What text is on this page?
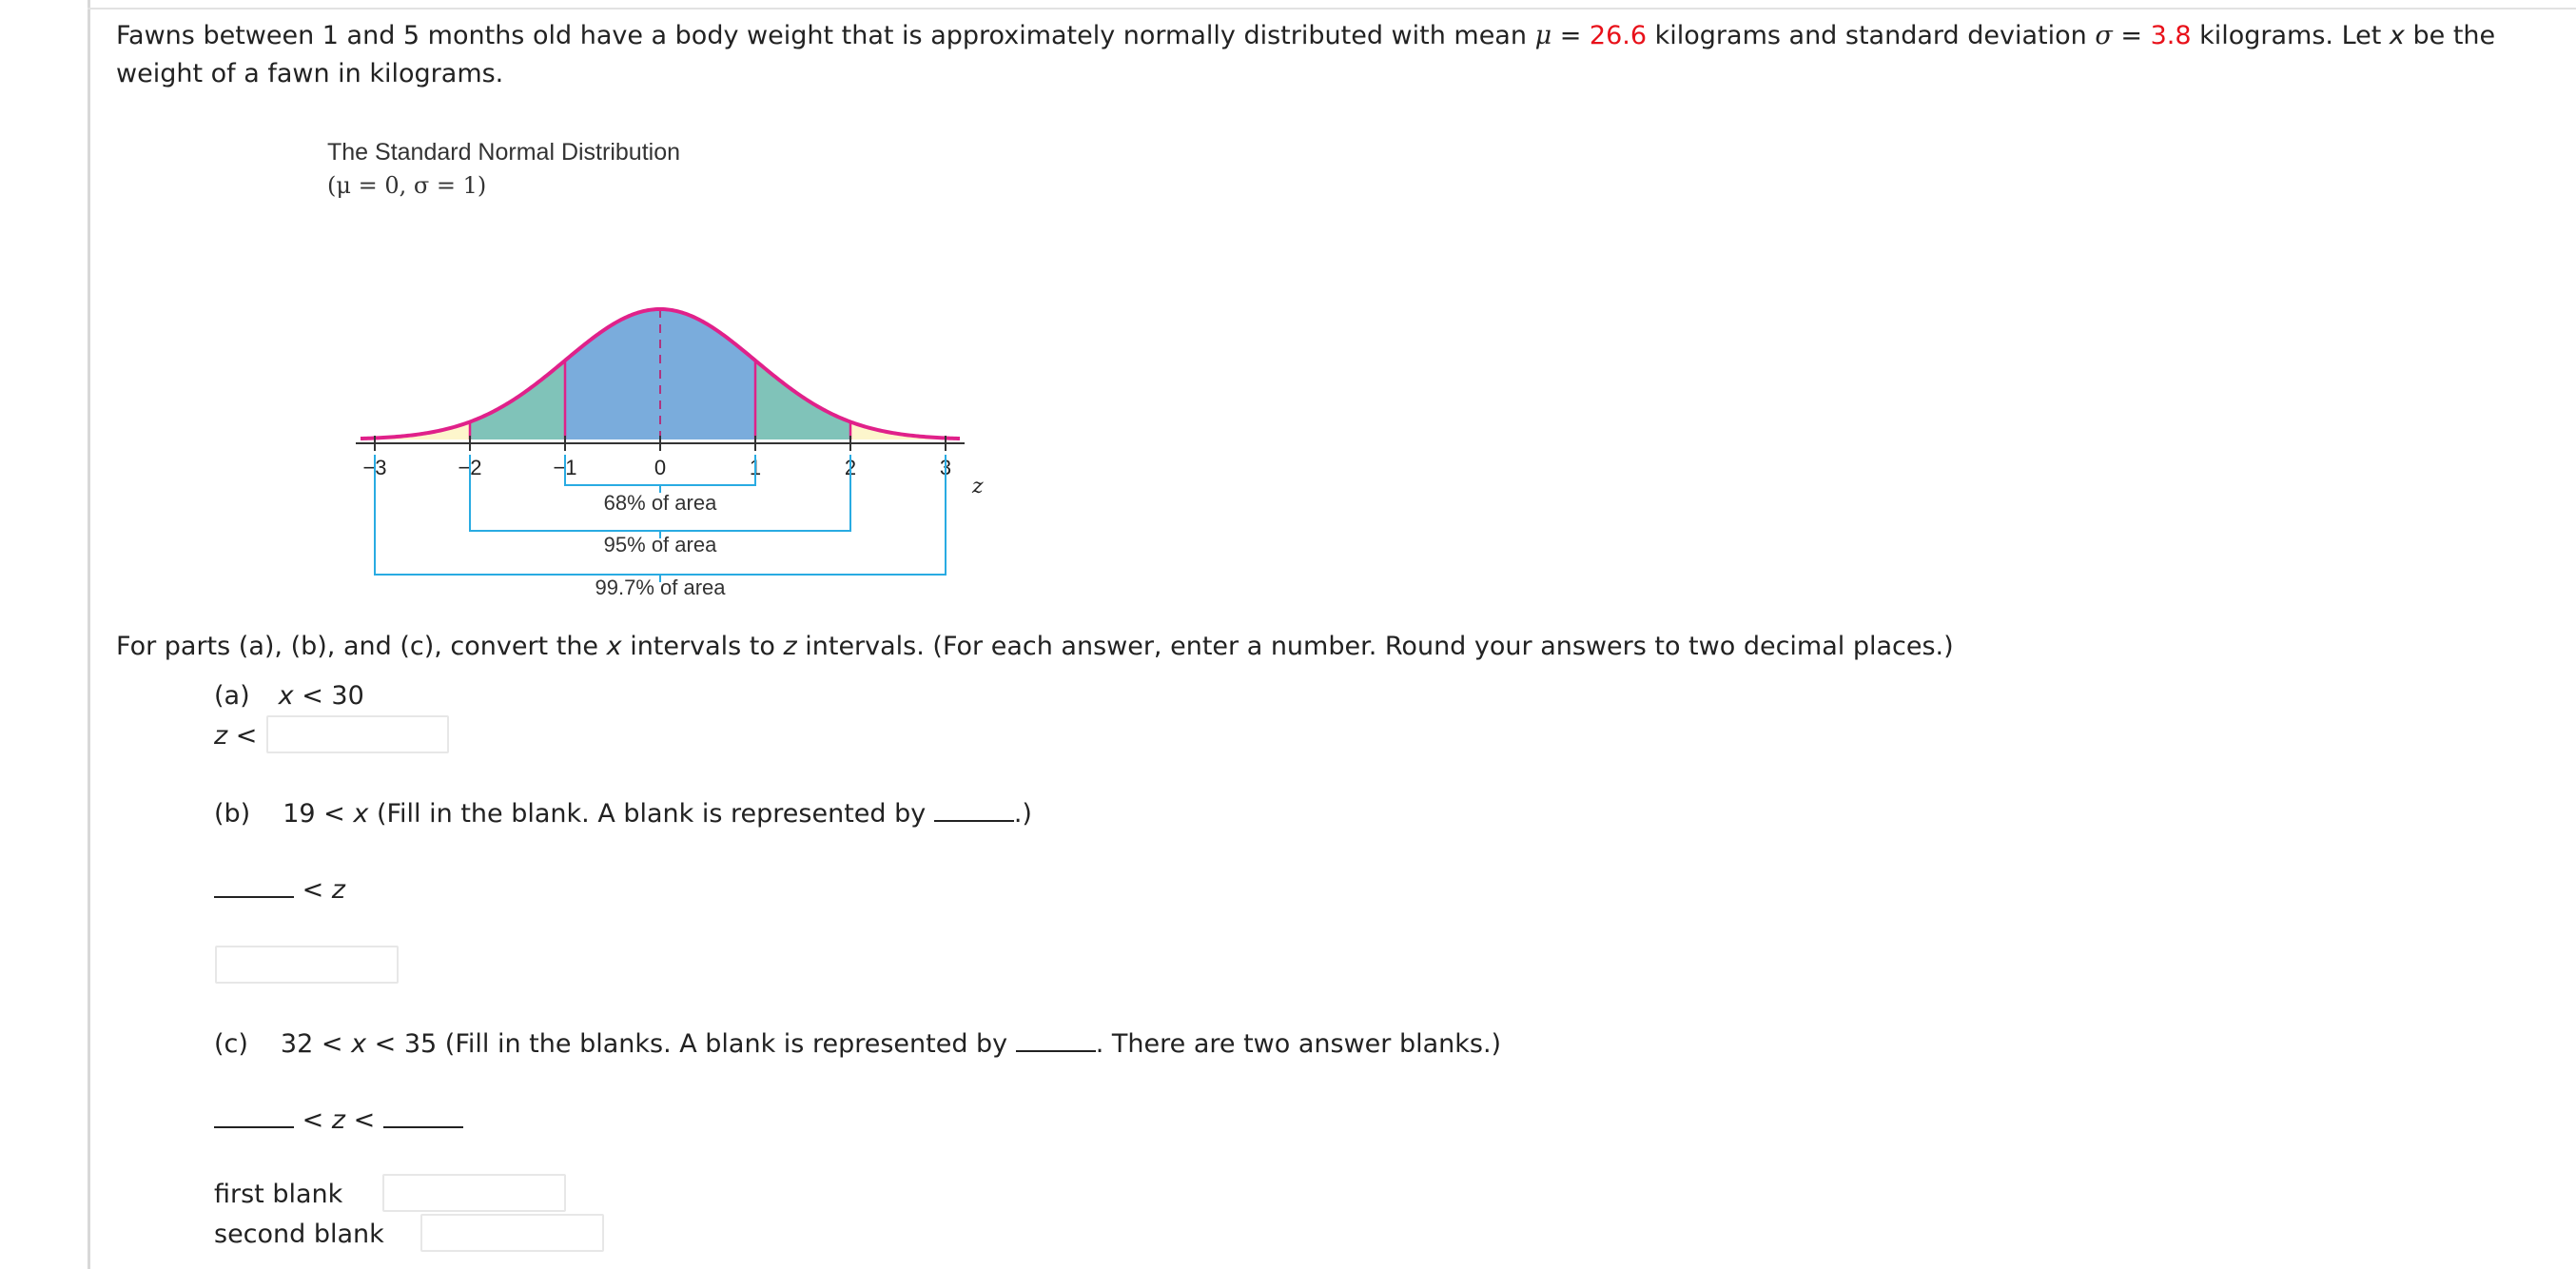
Fawns between 1 and 5 months old have a body weight that is approximately normally distributed with mean μ = 26.6 kilograms and standard deviation σ = 3.8 kilograms. Let x be the weight of a fawn in kilograms.
−3	−2	−1	0	1	2	3
z
68% of area
95% of area
99.7% of area
The Standard Normal Distribution
(μ = 0, σ = 1)
For parts (a), (b), and (c), convert the x intervals to z intervals. (For each answer, enter a number. Round your answers to two decimal places.)
(a) x < 30
z <
(b) 19 < x (Fill in the blank. A blank is represented by	.)
< z
(c) 32 < x < 35 (Fill in the blanks. A blank is represented by	. There are two answer blanks.)
< z <
first blank
second blank
